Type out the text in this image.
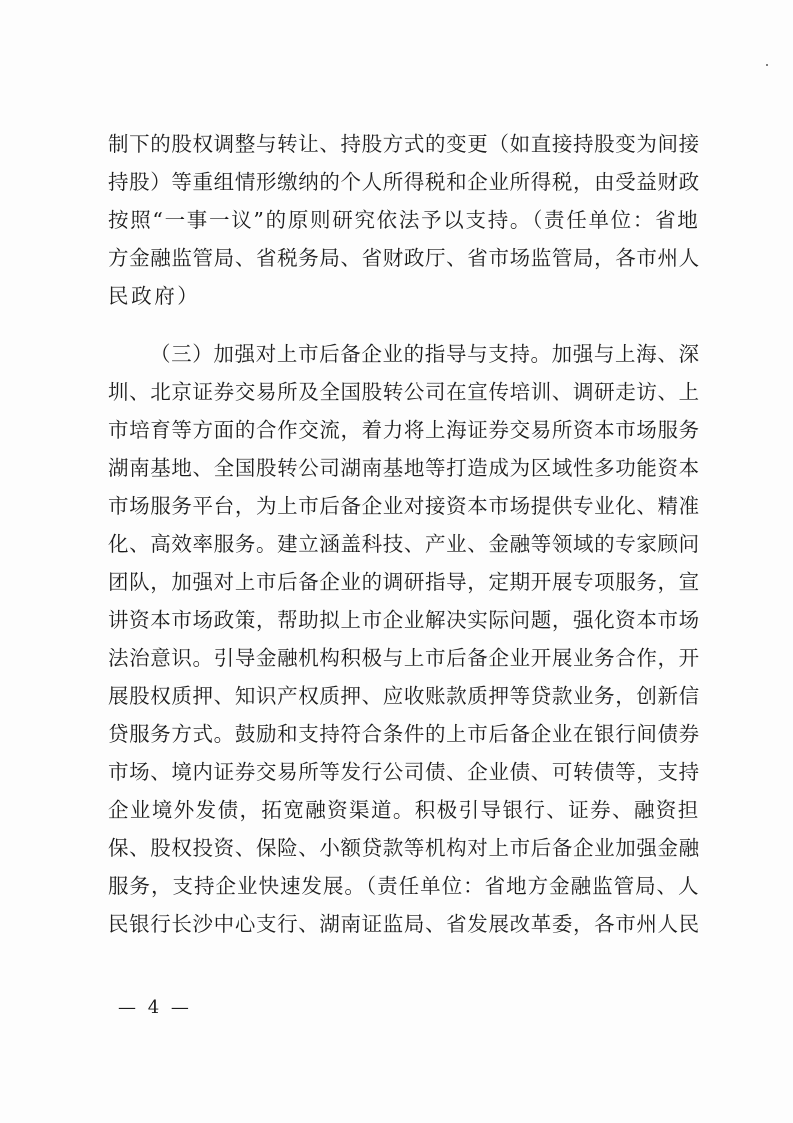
制下的股权调整与转让、持股方式的变更（如直接持股变为间接
持股）等重组情形缴纳的个人所得税和企业所得税，由受益财政
按照“一事一议”的原则研究依法予以支持。（责任单位：省地
方金融监管局、省税务局、省财政厅、省市场监管局，各市州人
民政府）
（三）加强对上市后备企业的指导与支持。加强与上海、深
圳、北京证券交易所及全国股转公司在宣传培训、调研走访、上
市培育等方面的合作交流，着力将上海证券交易所资本市场服务
湖南基地、全国股转公司湖南基地等打造成为区域性多功能资本
市场服务平台，为上市后备企业对接资本市场提供专业化、精准
化、高效率服务。建立涵盖科技、产业、金融等领域的专家顾问
团队，加强对上市后备企业的调研指导，定期开展专项服务，宣
讲资本市场政策，帮助拟上市企业解决实际问题，强化资本市场
法治意识。引导金融机构积极与上市后备企业开展业务合作，开
展股权质押、知识产权质押、应收账款质押等贷款业务，创新信
贷服务方式。鼓励和支持符合条件的上市后备企业在银行间债券
市场、境内证券交易所等发行公司债、企业债、可转债等，支持
企业境外发债，拓宽融资渠道。积极引导银行、证券、融资担
保、股权投资、保险、小额贷款等机构对上市后备企业加强金融
服务，支持企业快速发展。（责任单位：省地方金融监管局、人
民银行长沙中心支行、湖南证监局、省发展改革委，各市州人民
— 4 —
